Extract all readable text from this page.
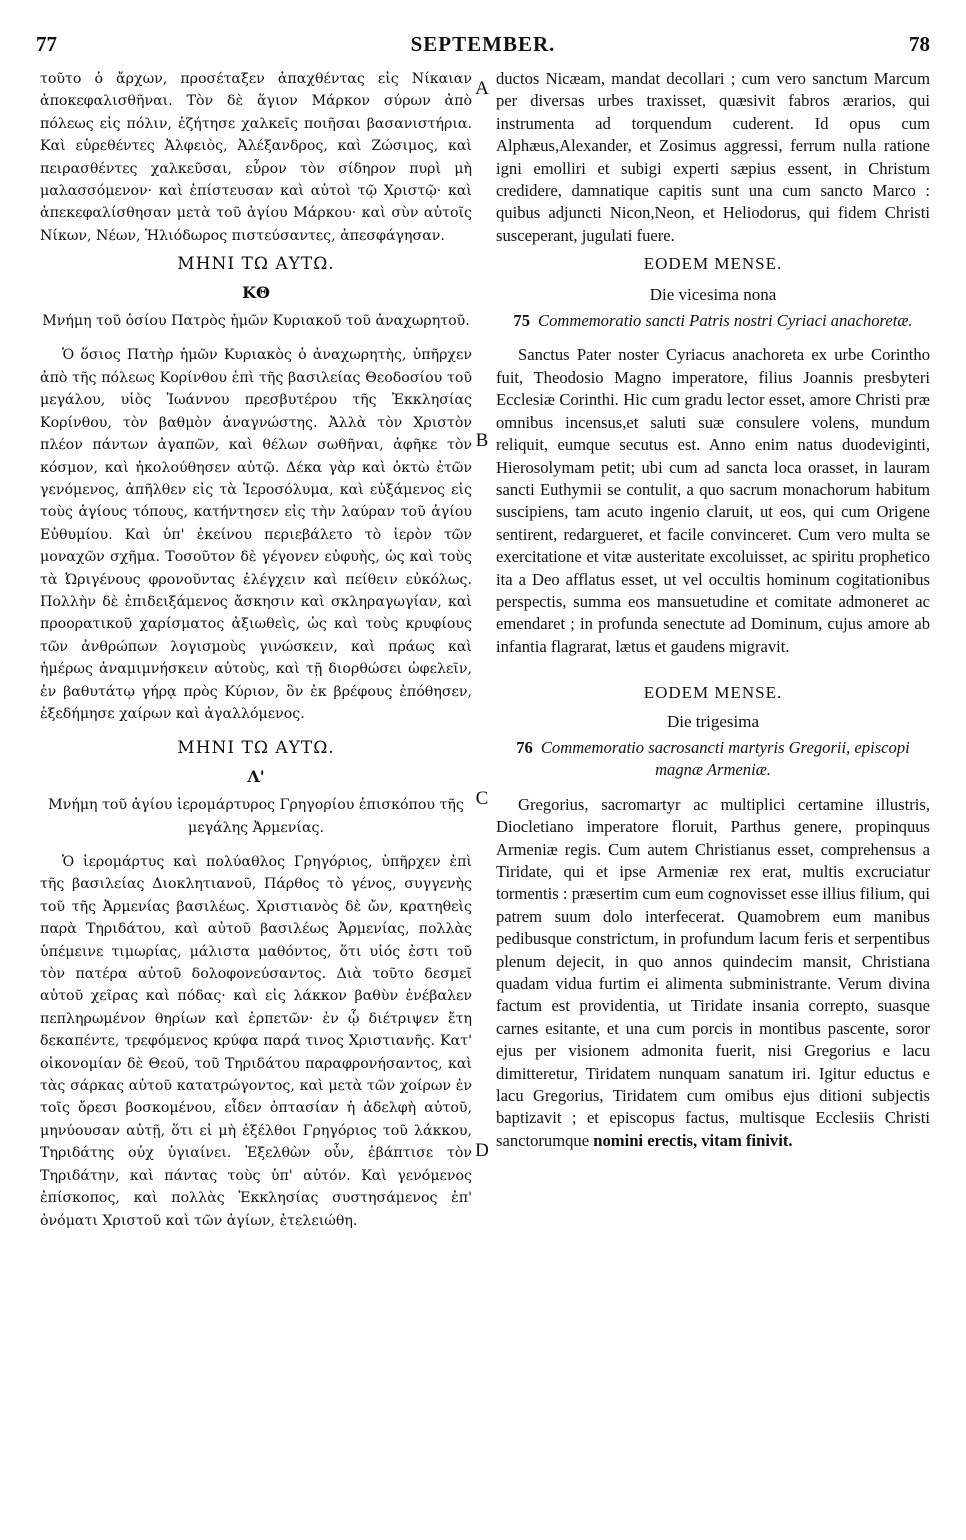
77	SEPTEMBER.	78
A
B
C
D

τοῦτο ὁ ἄρχων, προσέταξεν ἀπαχθέντας εἰς Νίκαιαν ἀποκεφαλισθῆναι. Τὸν δὲ ἅγιον Μάρκον σύρων ἀπὸ πόλεως εἰς πόλιν, ἐζήτησε χαλκεῖς ποιῆσαι βασανιστήρια. Καὶ εὑρεθέντες Ἀλφειὸς, Ἀλέξανδρος, καὶ Ζώσιμος, καὶ πειρασθέντες χαλκεῦσαι, εὗρον τὸν σίδηρον πυρὶ μὴ μαλασσόμενον· καὶ ἐπίστευσαν καὶ αὐτοὶ τῷ Χριστῷ· καὶ ἀπεκεφαλίσθησαν μετὰ τοῦ ἁγίου Μάρκου· καὶ σὺν αὐτοῖς Νίκων, Νέων, Ἡλιόδωρος πιστεύσαντες, ἀπεσφάγησαν.

ΜΗΝΙ ΤΩ ΑΥΤΩ.

ΚΘ

Μνήμη τοῦ ὁσίου Πατρὸς ἡμῶν Κυριακοῦ τοῦ ἀναχωρητοῦ.

Ὁ ὅσιος Πατὴρ ἡμῶν Κυριακὸς ὁ ἀναχωρητὴς, ὑπῆρχεν ἀπὸ τῆς πόλεως Κορίνθου ἐπὶ τῆς βασιλείας Θεοδοσίου τοῦ μεγάλου, υἱὸς Ἰωάννου πρεσβυτέρου τῆς Ἐκκλησίας Κορίνθου, τὸν βαθμὸν ἀναγνώστης. Ἀλλὰ τὸν Χριστὸν πλέον πάντων ἀγαπῶν, καὶ θέλων σωθῆναι, ἀφῆκε τὸν κόσμον, καὶ ἠκολούθησεν αὐτῷ. Δέκα γὰρ καὶ ὀκτὼ ἐτῶν γενόμενος, ἀπῆλθεν εἰς τὰ Ἱεροσόλυμα, καὶ εὐξάμενος εἰς τοὺς ἁγίους τόπους, κατήντησεν εἰς τὴν λαύραν τοῦ ἁγίου Εὐθυμίου. Καὶ ὑπ' ἐκείνου περιεβάλετο τὸ ἱερὸν τῶν μοναχῶν σχῆμα. Τοσοῦτον δὲ γέγονεν εὐφυὴς, ὡς καὶ τοὺς τὰ Ὠριγένους φρονοῦντας ἐλέγχειν καὶ πείθειν εὐκόλως. Πολλὴν δὲ ἐπιδειξάμενος ἄσκησιν καὶ σκληραγωγίαν, καὶ προορατικοῦ χαρίσματος ἀξιωθεὶς, ὡς καὶ τοὺς κρυφίους τῶν ἀνθρώπων λογισμοὺς γινώσκειν, καὶ πράως καὶ ἡμέρως ἀναμιμνήσκειν αὐτοὺς, καὶ τῇ διορθώσει ὠφελεῖν, ἐν βαθυτάτῳ γήρᾳ πρὸς Κύριον, ὃν ἐκ βρέφους ἐπόθησεν, ἐξεδήμησε χαίρων καὶ ἀγαλλόμενος.

ΜΗΝΙ ΤΩ ΑΥΤΩ.

Λ'

Μνήμη τοῦ ἁγίου ἱερομάρτυρος Γρηγορίου ἐπισκόπου τῆς μεγάλης Ἀρμενίας.

Ὁ ἱερομάρτυς καὶ πολύαθλος Γρηγόριος, ὑπῆρχεν ἐπὶ τῆς βασιλείας Διοκλητιανοῦ, Πάρθος τὸ γένος, συγγενὴς τοῦ τῆς Ἀρμενίας βασιλέως. Χριστιανὸς δὲ ὤν, κρατηθεὶς παρὰ Τηριδάτου, καὶ αὐτοῦ βασιλέως Ἀρμενίας, πολλὰς ὑπέμεινε τιμωρίας, μάλιστα μαθόντος, ὅτι υἱός ἐστι τοῦ τὸν πατέρα αὐτοῦ δολοφονεύσαντος. Διὰ τοῦτο δεσμεῖ αὐτοῦ χεῖρας καὶ πόδας· καὶ εἰς λάκκον βαθὺν ἐνέβαλεν πεπληρωμένον θηρίων καὶ ἑρπετῶν· ἐν ᾧ διέτριψεν ἔτη δεκαπέντε, τρεφόμενος κρύφα παρά τινος Χριστιανῆς. Κατ' οἰκονομίαν δὲ Θεοῦ, τοῦ Τηριδάτου παραφρονήσαντος, καὶ τὰς σάρκας αὐτοῦ κατατρώγοντος, καὶ μετὰ τῶν χοίρων ἐν τοῖς ὄρεσι βοσκομένου, εἶδεν ὀπτασίαν ἡ ἀδελφὴ αὐτοῦ, μηνύουσαν αὐτῇ, ὅτι εἰ μὴ ἐξέλθοι Γρηγόριος τοῦ λάκκου, Τηριδάτης οὐχ ὑγιαίνει. Ἐξελθὼν οὖν, ἐβάπτισε τὸν Τηριδάτην, καὶ πάντας τοὺς ὑπ' αὐτόν. Καὶ γενόμενος ἐπίσκοπος, καὶ πολλὰς Ἐκκλησίας συστησάμενος ἐπ' ὀνόματι Χριστοῦ καὶ τῶν ἁγίων, ἐτελειώθη.

ductos Nicæam, mandat decollari ; cum vero sanctum Marcum per diversas urbes traxisset, quæsivit fabros ærarios, qui instrumenta ad torquendum cuderent. Id opus cum Alphæus,Alexander, et Zosimus aggressi, ferrum nulla ratione igni emolliri et subigi experti sæpius essent, in Christum credidere, damnatique capitis sunt una cum sancto Marco : quibus adjuncti Nicon,Neon, et Heliodorus, qui fidem Christi susceperant, jugulati fuere.

EODEM MENSE.

Die vicesima nona

75 Commemoratio sancti Patris nostri Cyriaci anachoretæ.

Sanctus Pater noster Cyriacus anachoreta ex urbe Corintho fuit, Theodosio Magno imperatore, filius Joannis presbyteri Ecclesiæ Corinthi. Hic cum gradu lector esset, amore Christi præ omnibus incensus,et saluti suæ consulere volens, mundum reliquit, eumque secutus est. Anno enim natus duodeviginti, Hierosolymam petit; ubi cum ad sancta loca orasset, in lauram sancti Euthymii se contulit, a quo sacrum monachorum habitum suscipiens, tam acuto ingenio claruit, ut eos, qui cum Origene sentirent, redargueret, et facile convinceret. Cum vero multa se exercitatione et vitæ austeritate excoluisset, ac spiritu prophetico ita a Deo afflatus esset, ut vel occultis hominum cogitationibus perspectis, summa eos mansuetudine et comitate admoneret ac emendaret ; in profunda senectute ad Dominum, cujus amore ab infantia flagrarat, lætus et gaudens migravit.

EODEM MENSE.

Die trigesima

76 Commemoratio sacrosancti martyris Gregorii, episcopi magnæ Armeniæ.

Gregorius, sacromartyr ac multiplici certamine illustris, Diocletiano imperatore floruit, Parthus genere, propinquus Armeniæ regis. Cum autem Christianus esset, comprehensus a Tiridate, qui et ipse Armeniæ rex erat, multis excruciatur tormentis : præsertim cum eum cognovisset esse illius filium, qui patrem suum dolo interfecerat. Quamobrem eum manibus pedibusque constrictum, in profundum lacum feris et serpentibus plenum dejecit, in quo annos quindecim mansit, Christiana quadam vidua furtim ei alimenta subministrante. Verum divina factum est providentia, ut Tiridate insania correpto, suasque carnes esitante, et una cum porcis in montibus pascente, soror ejus per visionem admonita fuerit, nisi Gregorius e lacu dimitteretur, Tiridatem nunquam sanatum iri. Igitur eductus e lacu Gregorius, Tiridatem cum omibus ejus ditioni subjectis baptizavit ; et episcopus factus, multisque Ecclesiis Christi sanctorumque nomini erectis, vitam finivit.
